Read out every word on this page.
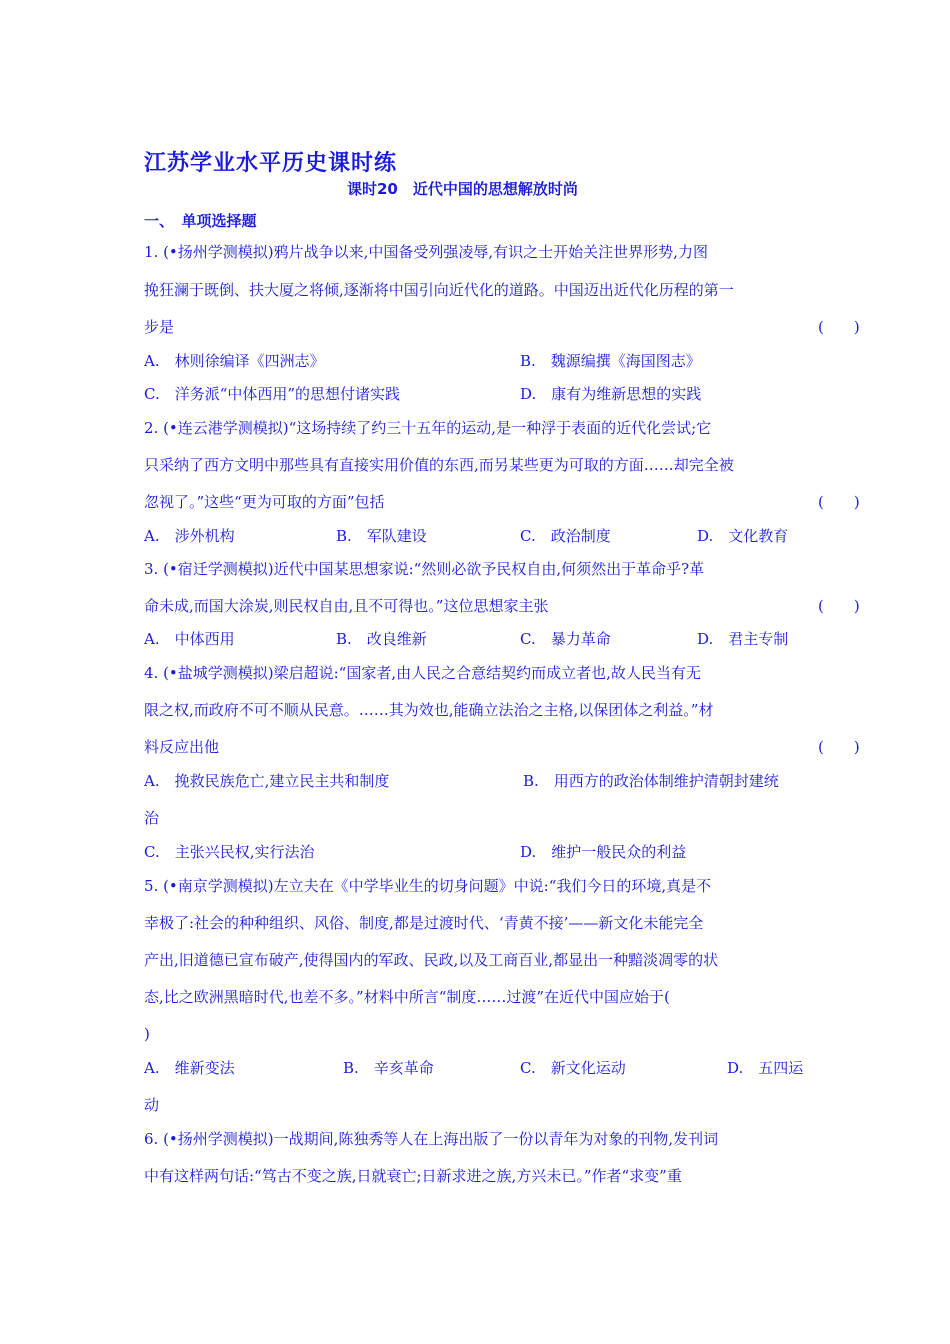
江苏学业水平历史课时练
课时20　近代中国的思想解放时尚
一、　单项选择题
1. (•扬州学测模拟)鸦片战争以来,中国备受列强凌辱,有识之士开始关注世界形势,力图
挽狂澜于既倒、扶大厦之将倾,逐渐将中国引向近代化的道路。中国迈出近代化历程的第一
步是	(　　)
A.　林则徐编译《四洲志》	B.　魏源编撰《海国图志》
C.　洋务派“中体西用”的思想付诸实践	D.　康有为维新思想的实践
2. (•连云港学测模拟)“这场持续了约三十五年的运动,是一种浮于表面的近代化尝试;它
只采纳了西方文明中那些具有直接实用价值的东西,而另某些更为可取的方面……却完全被
忽视了。”这些“更为可取的方面”包括	(　　)
A.　涉外机构	B.　军队建设	C.　政治制度	D.　文化教育
3. (•宿迁学测模拟)近代中国某思想家说:“然则必欲予民权自由,何须然出于革命乎?革
命未成,而国大涂炭,则民权自由,且不可得也。”这位思想家主张	(　　)
A.　中体西用	B.　改良维新	C.　暴力革命	D.　君主专制
4. (•盐城学测模拟)梁启超说:“国家者,由人民之合意结契约而成立者也,故人民当有无
限之权,而政府不可不顺从民意。……其为效也,能确立法治之主格,以保团体之利益。”材
料反应出他	(　　)
A.　挽救民族危亡,建立民主共和制度	B.　用西方的政治体制维护清朝封建统
治
C.　主张兴民权,实行法治	D.　维护一般民众的利益
5. (•南京学测模拟)左立夫在《中学毕业生的切身问题》中说:“我们今日的环境,真是不
幸极了:社会的种种组织、风俗、制度,都是过渡时代、‘青黄不接’——新文化未能完全
产出,旧道德已宣布破产,使得国内的军政、民政,以及工商百业,都显出一种黯淡凋零的状
态,比之欧洲黑暗时代,也差不多。”材料中所言“制度……过渡”在近代中国应始于(
)
A.　维新变法	B.　辛亥革命	C.　新文化运动	D.　五四运
动
6. (•扬州学测模拟)一战期间,陈独秀等人在上海出版了一份以青年为对象的刊物,发刊词
中有这样两句话:“笃古不变之族,日就衰亡;日新求进之族,方兴未已。”作者“求变”重
